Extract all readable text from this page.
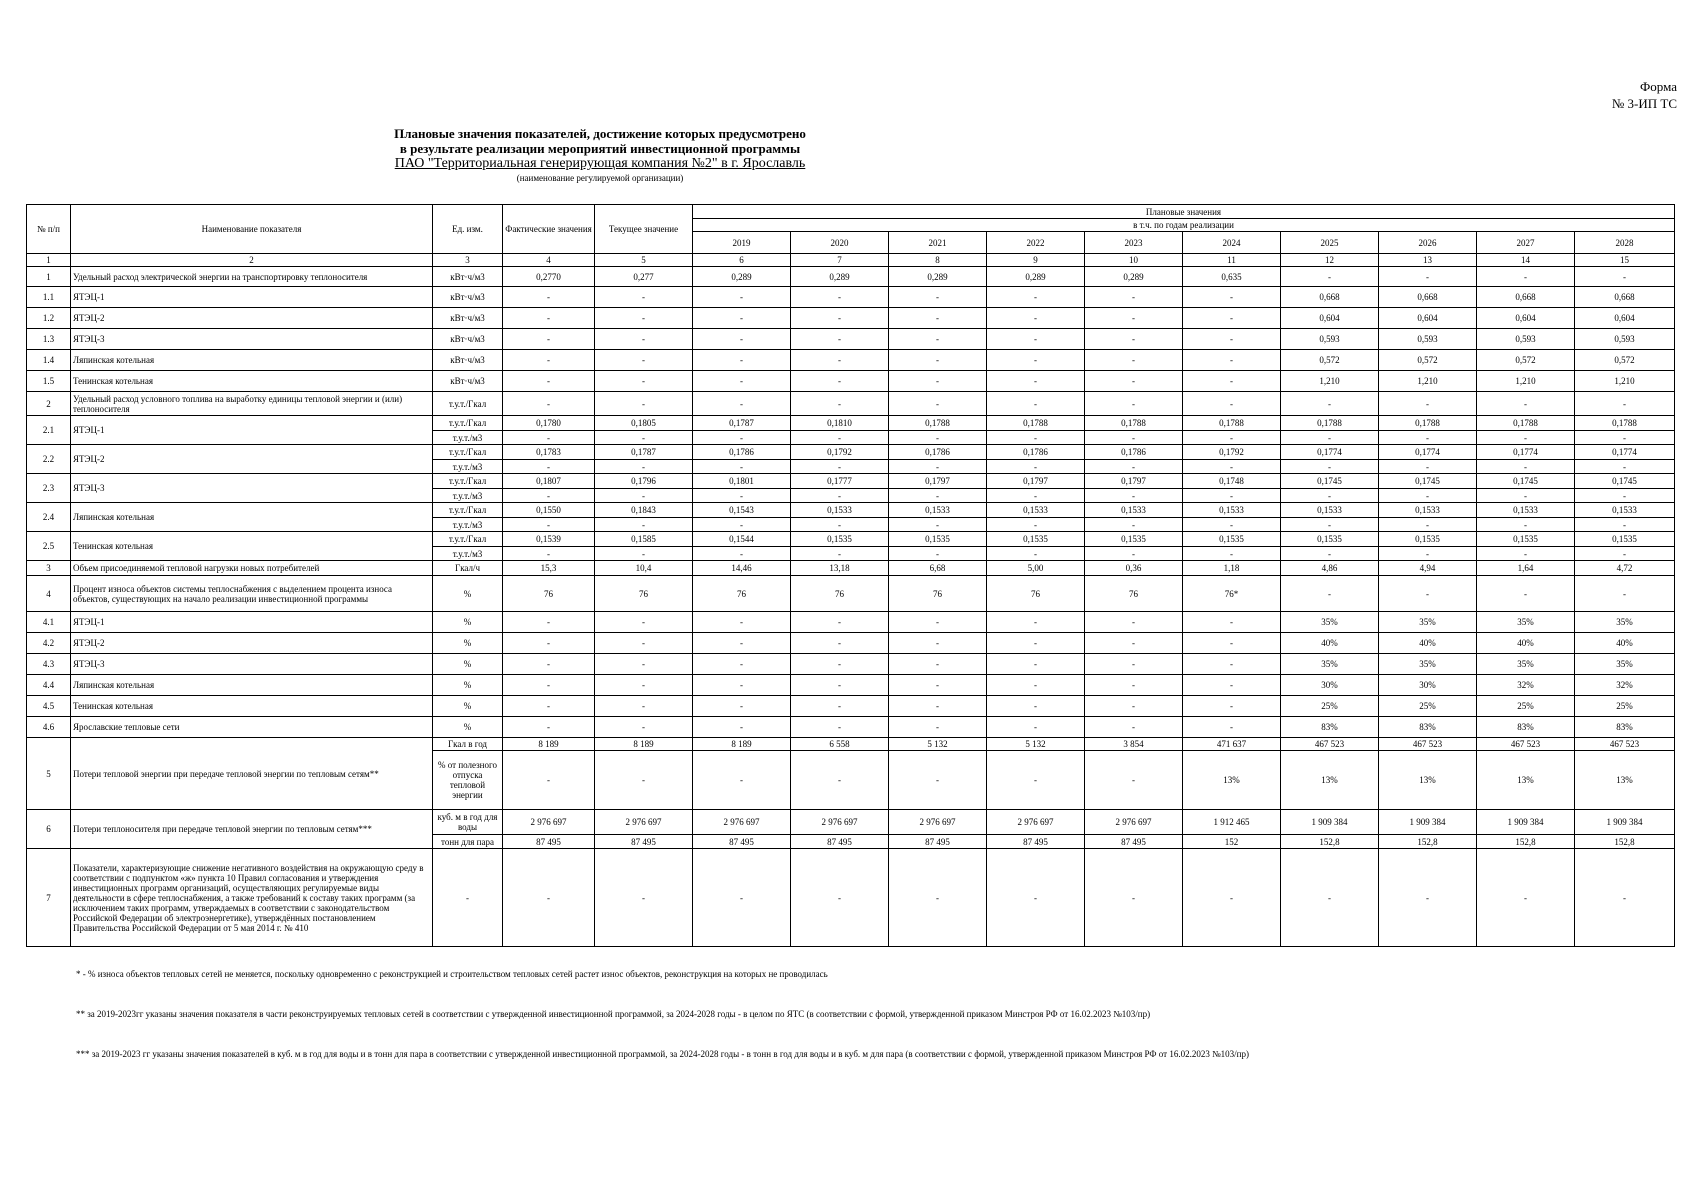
Форма
№ 3-ИП ТС
Плановые значения показателей, достижение которых предусмотрено
в результате реализации мероприятий инвестиционной программы
ПАО "Территориальная генерирующая компания №2" в г. Ярославль
(наименование регулируемой организации)
№ п/п	Наименование показателя	Ед. изм.	Фактические значения	Текущее значение	Плановые значения									
					в т.ч. по годам реализации									
					2019	2020	2021	2022	2023	2024	2025	2026	2027	2028
1	2	3	4	5	6	7	8	9	10	11	12	13	14	15
1	Удельный расход электрической энергии на транспортировку теплоносителя	кВт·ч/м3	0,2770	0,277	0,289	0,289	0,289	0,289	0,289	0,635	-	-	-	-
1.1	ЯТЭЦ-1	кВт·ч/м3	-	-	-	-	-	-	-	-	0,668	0,668	0,668	0,668
1.2	ЯТЭЦ-2	кВт·ч/м3	-	-	-	-	-	-	-	-	0,604	0,604	0,604	0,604
1.3	ЯТЭЦ-3	кВт·ч/м3	-	-	-	-	-	-	-	-	0,593	0,593	0,593	0,593
1.4	Ляпинская котельная	кВт·ч/м3	-	-	-	-	-	-	-	-	0,572	0,572	0,572	0,572
1.5	Тенинская котельная	кВт·ч/м3	-	-	-	-	-	-	-	-	1,210	1,210	1,210	1,210
2	Удельный расход условного топлива на выработку единицы тепловой энергии и (или) теплоносителя	т.у.т./Гкал	-	-	-	-	-	-	-	-	-	-	-	-
2.1	ЯТЭЦ-1	т.у.т./Гкал	0,1780	0,1805	0,1787	0,1810	0,1788	0,1788	0,1788	0,1788	0,1788	0,1788	0,1788	0,1788
		т.у.т./м3	-	-	-	-	-	-	-	-	-	-	-	-
2.2	ЯТЭЦ-2	т.у.т./Гкал	0,1783	0,1787	0,1786	0,1792	0,1786	0,1786	0,1786	0,1792	0,1774	0,1774	0,1774	0,1774
		т.у.т./м3	-	-	-	-	-	-	-	-	-	-	-	-
2.3	ЯТЭЦ-3	т.у.т./Гкал	0,1807	0,1796	0,1801	0,1777	0,1797	0,1797	0,1797	0,1748	0,1745	0,1745	0,1745	0,1745
		т.у.т./м3	-	-	-	-	-	-	-	-	-	-	-	-
2.4	Ляпинская котельная	т.у.т./Гкал	0,1550	0,1843	0,1543	0,1533	0,1533	0,1533	0,1533	0,1533	0,1533	0,1533	0,1533	0,1533
		т.у.т./м3	-	-	-	-	-	-	-	-	-	-	-	-
2.5	Тенинская котельная	т.у.т./Гкал	0,1539	0,1585	0,1544	0,1535	0,1535	0,1535	0,1535	0,1535	0,1535	0,1535	0,1535	0,1535
		т.у.т./м3	-	-	-	-	-	-	-	-	-	-	-	-
3	Объем присоединяемой тепловой нагрузки новых потребителей	Гкал/ч	15,3	10,4	14,46	13,18	6,68	5,00	0,36	1,18	4,86	4,94	1,64	4,72
4	Процент износа объектов системы теплоснабжения с выделением процента износа объектов, существующих на начало реализации инвестиционной программы	%	76	76	76	76	76	76	76	76*	-	-	-	-
4.1	ЯТЭЦ-1	%	-	-	-	-	-	-	-	-	35%	35%	35%	35%
4.2	ЯТЭЦ-2	%	-	-	-	-	-	-	-	-	40%	40%	40%	40%
4.3	ЯТЭЦ-3	%	-	-	-	-	-	-	-	-	35%	35%	35%	35%
4.4	Ляпинская котельная	%	-	-	-	-	-	-	-	-	30%	30%	32%	32%
4.5	Тенинская котельная	%	-	-	-	-	-	-	-	-	25%	25%	25%	25%
4.6	Ярославские тепловые сети	%	-	-	-	-	-	-	-	-	83%	83%	83%	83%
5	Потери тепловой энергии при передаче тепловой энергии по тепловым сетям**	Гкал в год	8 189	8 189	8 189	6 558	5 132	5 132	3 854	471 637	467 523	467 523	467 523	467 523
		% от полезного отпуска тепловой энергии	-	-	-	-	-	-	-	13%	13%	13%	13%	13%
6	Потери теплоносителя при передаче тепловой энергии по тепловым сетям***	куб. м в год для воды	2 976 697	2 976 697	2 976 697	2 976 697	2 976 697	2 976 697	2 976 697	1 912 465	1 909 384	1 909 384	1 909 384	1 909 384
		тонн для пара	87 495	87 495	87 495	87 495	87 495	87 495	87 495	152	152,8	152,8	152,8	152,8
7	Показатели, характеризующие снижение негативного воздействия на окружающую среду в соответствии с подпунктом «ж» пункта 10 Правил согласования и утверждения инвестиционных программ организаций, осуществляющих регулируемые виды деятельности в сфере теплоснабжения, а также требований к составу таких программ (за исключением таких программ, утверждаемых в соответствии с законодательством Российской Федерации об электроэнергетике), утверждённых постановлением Правительства Российской Федерации от 5 мая 2014 г. № 410	-	-	-	-	-	-	-	-	-	-	-	-	-
* - % износа объектов тепловых сетей не меняется, поскольку одновременно с реконструкцией и строительством тепловых сетей растет износ объектов, реконструкция на которых не проводилась
** за 2019-2023гг указаны значения показателя в части реконструируемых тепловых сетей в соответствии с утвержденной инвестиционной программой, за 2024-2028 годы - в целом по ЯТС (в соответствии с формой, утвержденной приказом Минстроя РФ от 16.02.2023 №103/пр)
*** за 2019-2023 гг указаны значения показателей в куб. м в год для воды и в тонн для пара в соответствии с утвержденной инвестиционной программой, за 2024-2028 годы - в тонн в год для воды и в куб. м для пара (в соответствии с формой, утвержденной приказом Минстроя РФ от 16.02.2023 №103/пр)
